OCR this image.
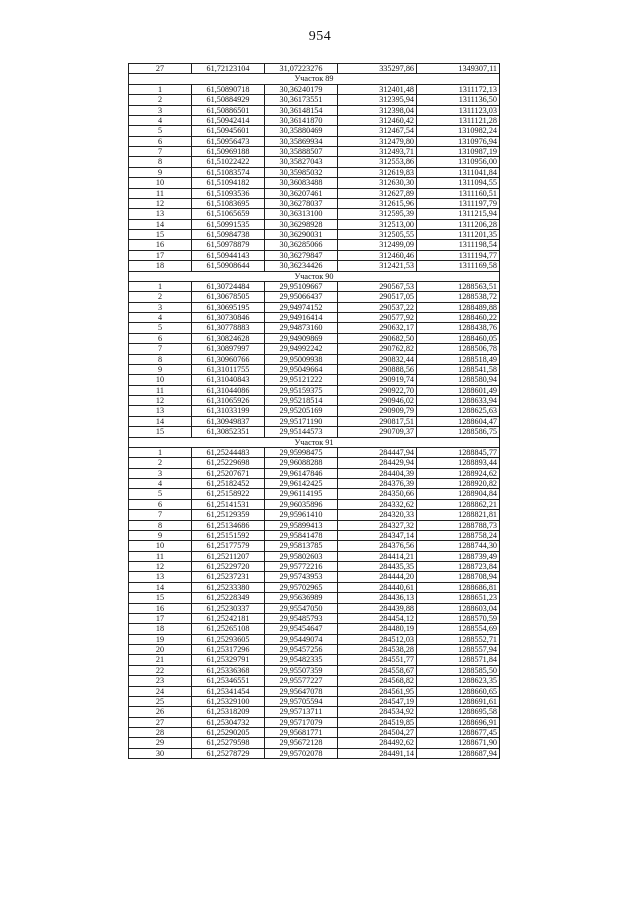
954
27	61,72123104	31,07223276	335297,86	1349307,11
Участок 89				
1	61,50890718	30,36240179	312401,48	1311172,13
2	61,50884929	30,36173551	312395,94	1311136,50
3	61,50886501	30,36148154	312398,04	1311123,03
4	61,50942414	30,36141870	312460,42	1311121,28
5	61,50945601	30,35880469	312467,54	1310982,24
6	61,50956473	30,35869934	312479,80	1310976,94
7	61,50969188	30,35888507	312493,71	1310987,19
8	61,51022422	30,35827043	312553,86	1310956,00
9	61,51083574	30,35985032	312619,83	1311041,84
10	61,51094182	30,36083488	312630,30	1311094,55
11	61,51093536	30,36207461	312627,89	1311160,51
12	61,51083695	30,36278037	312615,96	1311197,79
13	61,51065659	30,36313100	312595,39	1311215,94
14	61,50991535	30,36298928	312513,00	1311206,28
15	61,50984738	30,36290031	312505,55	1311201,35
16	61,50978879	30,36285066	312499,09	1311198,54
17	61,50944143	30,36279847	312460,46	1311194,77
18	61,50908644	30,36234426	312421,53	1311169,58
Участок 90				
1	61,30724484	29,95109667	290567,53	1288563,51
2	61,30678505	29,95066437	290517,05	1288538,72
3	61,30695195	29,94974152	290537,22	1288489,88
4	61,30730846	29,94916414	290577,92	1288460,22
5	61,30778883	29,94873160	290632,17	1288438,76
6	61,30824628	29,94909869	290682,50	1288460,05
7	61,30897997	29,94992242	290762,82	1288506,78
8	61,30960766	29,95009938	290832,44	1288518,49
9	61,31011755	29,95049664	290888,56	1288541,58
10	61,31040843	29,95121222	290919,74	1288580,94
11	61,31044086	29,95159375	290922,70	1288601,49
12	61,31065926	29,95218514	290946,02	1288633,94
13	61,31033199	29,95205169	290909,79	1288625,63
14	61,30949837	29,95171190	290817,51	1288604,47
15	61,30852351	29,95144573	290709,37	1288586,75
Участок 91				
1	61,25244483	29,95998475	284447,94	1288845,77
2	61,25229698	29,96088288	284429,94	1288893,44
3	61,25207671	29,96147846	284404,39	1288924,62
4	61,25182452	29,96142425	284376,39	1288920,82
5	61,25158922	29,96114195	284350,66	1288904,84
6	61,25141531	29,96035896	284332,62	1288862,21
7	61,25129359	29,95961410	284320,33	1288821,81
8	61,25134686	29,95899413	284327,32	1288788,73
9	61,25151592	29,95841478	284347,14	1288758,24
10	61,25177579	29,95813785	284376,56	1288744,30
11	61,25211207	29,95802603	284414,21	1288739,49
12	61,25229720	29,95772216	284435,35	1288723,84
13	61,25237231	29,95743953	284444,20	1288708,94
14	61,25233380	29,95702965	284440,61	1288686,81
15	61,25228349	29,95636989	284436,13	1288651,23
16	61,25230337	29,95547050	284439,88	1288603,04
17	61,25242181	29,95485793	284454,12	1288570,59
18	61,25265108	29,95454647	284480,19	1288554,69
19	61,25293605	29,95449074	284512,03	1288552,71
20	61,25317296	29,95457256	284538,28	1288557,94
21	61,25329791	29,95482335	284551,77	1288571,84
22	61,25336368	29,95507359	284558,67	1288585,50
23	61,25346551	29,95577227	284568,82	1288623,35
24	61,25341454	29,95647078	284561,95	1288660,65
25	61,25329100	29,95705594	284547,19	1288691,61
26	61,25318209	29,95713711	284534,92	1288695,58
27	61,25304732	29,95717079	284519,85	1288696,91
28	61,25290205	29,95681771	284504,27	1288677,45
29	61,25279598	29,95672128	284492,62	1288671,90
30	61,25278729	29,95702078	284491,14	1288687,94
